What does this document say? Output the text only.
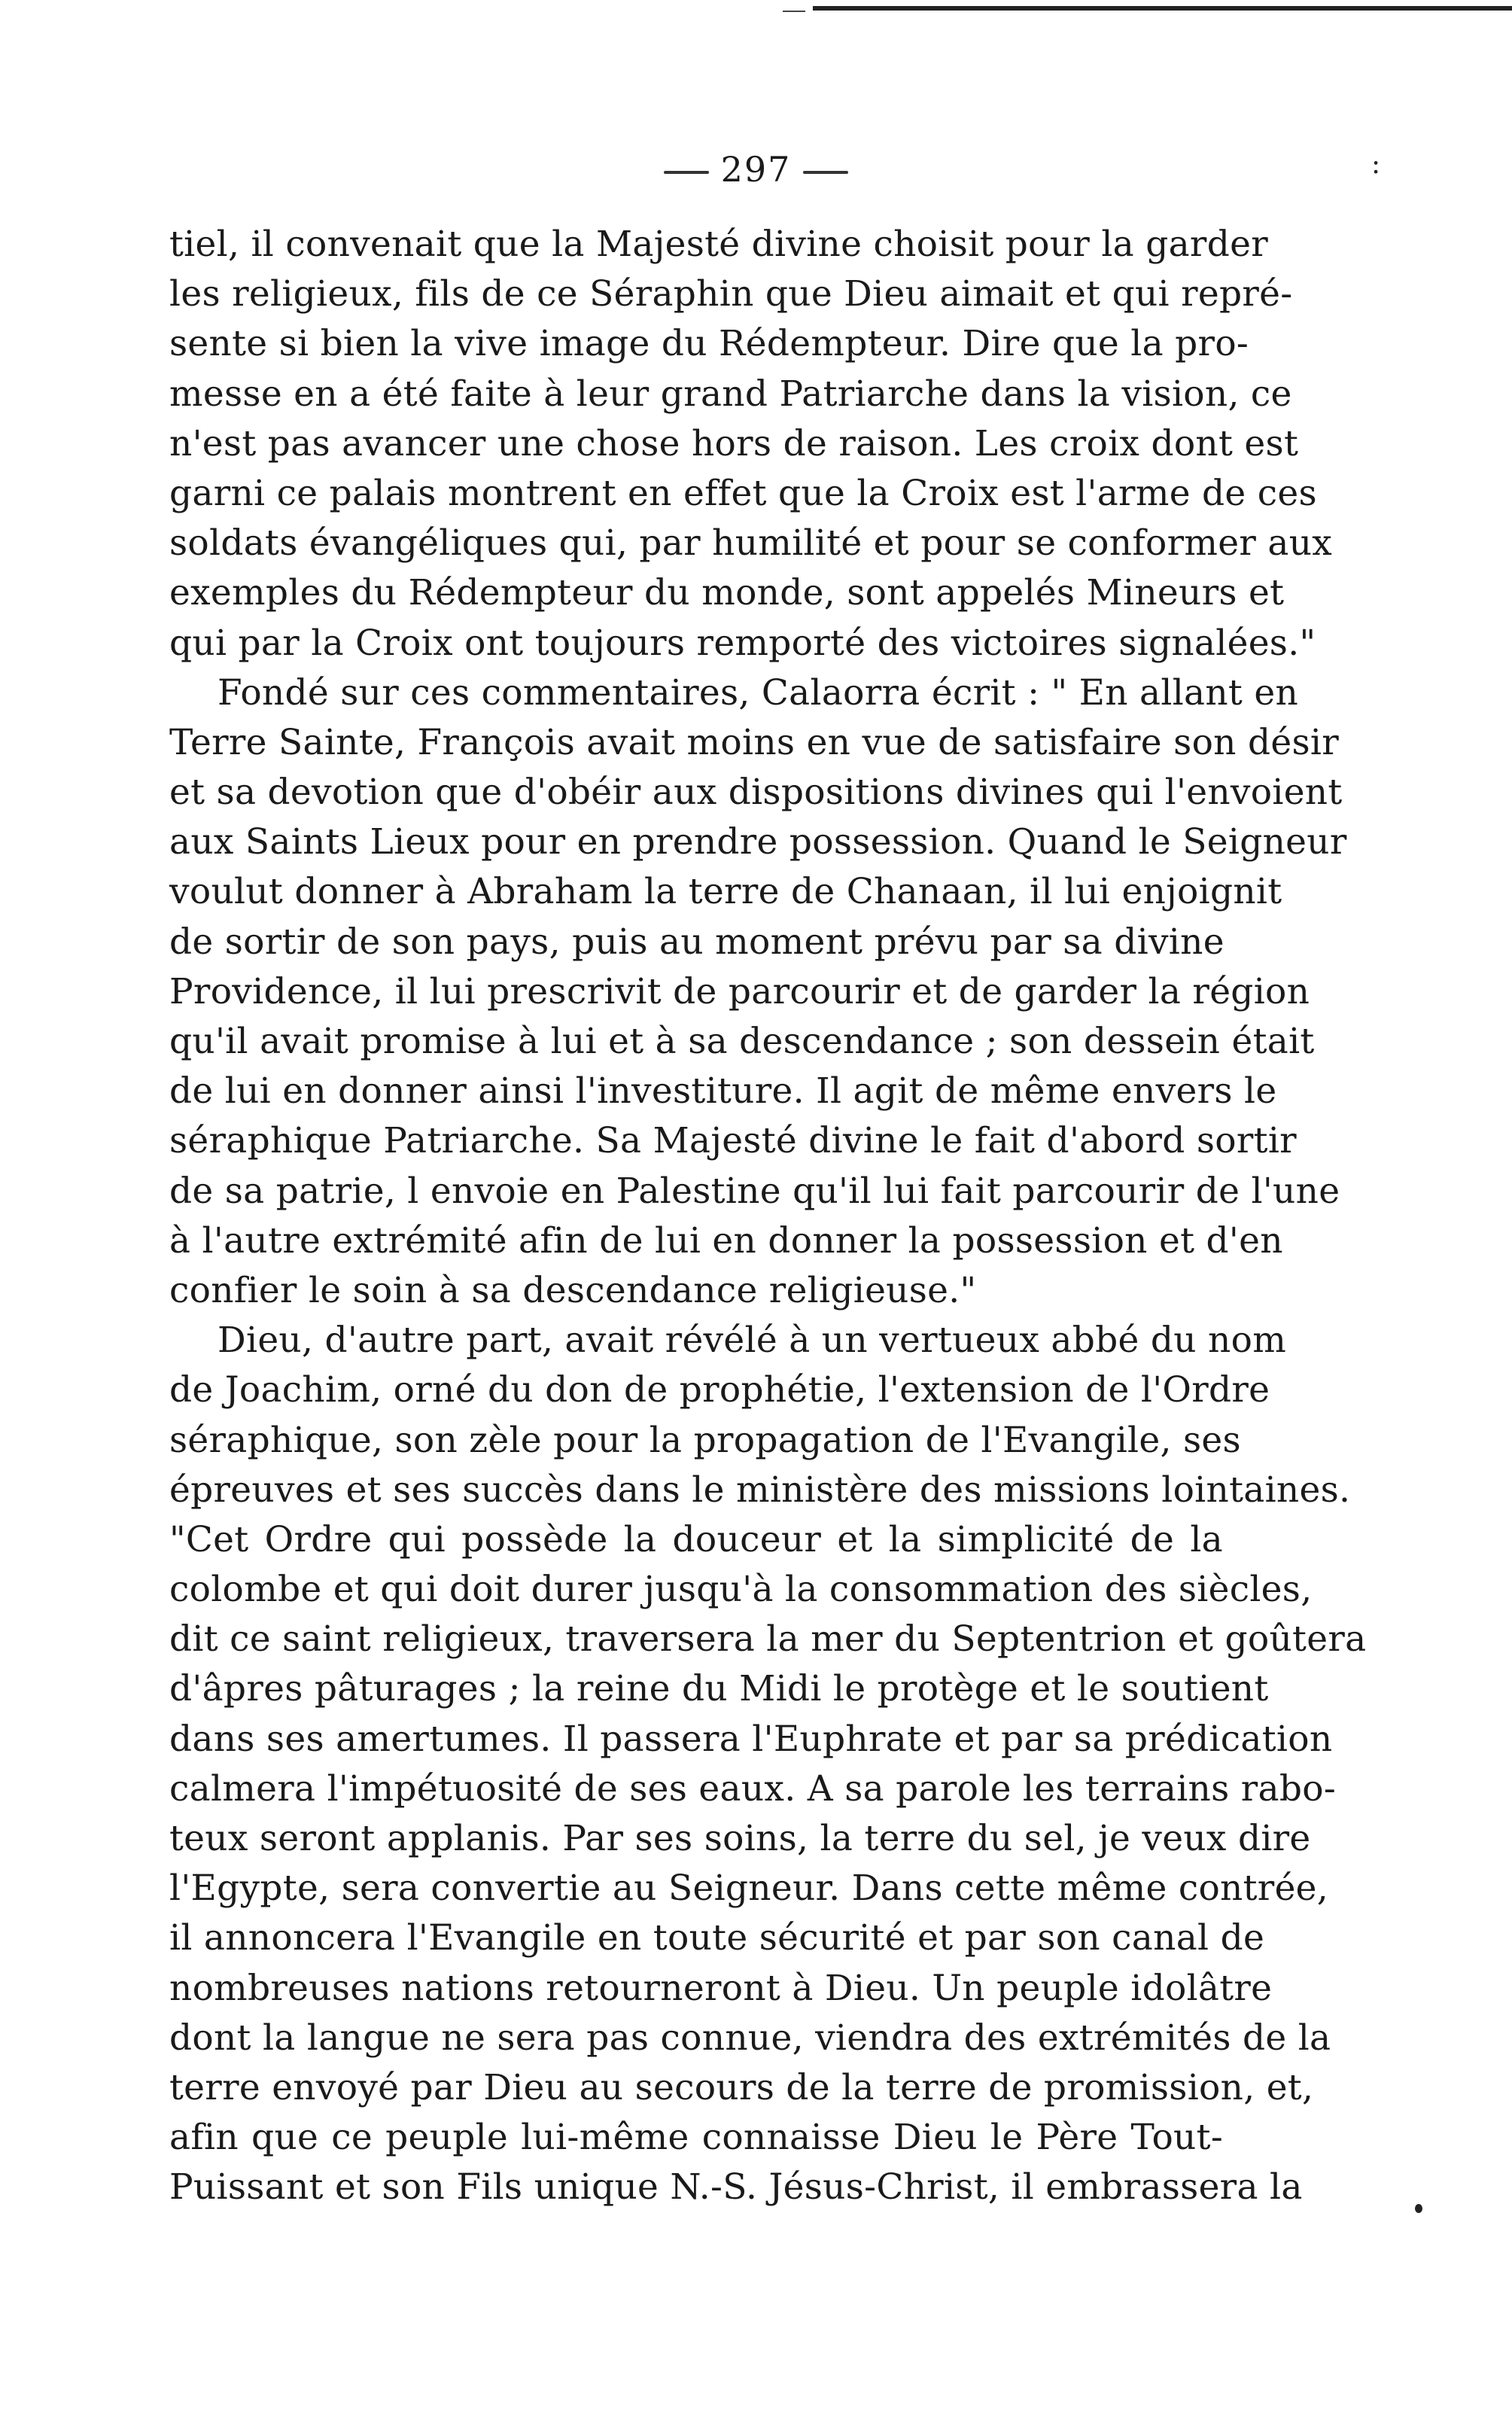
297	:
tiel, il convenait que la Majesté divine choisit pour la garder
les religieux, fils de ce Séraphin que Dieu aimait et qui repré-
sente si bien la vive image du Rédempteur. Dire que la pro-
messe en a été faite à leur grand Patriarche dans la vision, ce
n'est pas avancer une chose hors de raison. Les croix dont est
garni ce palais montrent en effet que la Croix est l'arme de ces
soldats évangéliques qui, par humilité et pour se conformer aux
exemples du Rédempteur du monde, sont appelés Mineurs et
qui par la Croix ont toujours remporté des victoires signalées."
Fondé sur ces commentaires, Calaorra écrit : " En allant en
Terre Sainte, François avait moins en vue de satisfaire son désir
et sa devotion que d'obéir aux dispositions divines qui l'envoient
aux Saints Lieux pour en prendre possession. Quand le Seigneur
voulut donner à Abraham la terre de Chanaan, il lui enjoignit
de sortir de son pays, puis au moment prévu par sa divine
Providence, il lui prescrivit de parcourir et de garder la région
qu'il avait promise à lui et à sa descendance ; son dessein était
de lui en donner ainsi l'investiture. Il agit de même envers le
séraphique Patriarche. Sa Majesté divine le fait d'abord sortir
de sa patrie, l envoie en Palestine qu'il lui fait parcourir de l'une
à l'autre extrémité afin de lui en donner la possession et d'en
confier le soin à sa descendance religieuse."
Dieu, d'autre part, avait révélé à un vertueux abbé du nom
de Joachim, orné du don de prophétie, l'extension de l'Ordre
séraphique, son zèle pour la propagation de l'Evangile, ses
épreuves et ses succès dans le ministère des missions lointaines.
"Cet Ordre qui possède la douceur et la simplicité de la
colombe et qui doit durer jusqu'à la consommation des siècles,
dit ce saint religieux, traversera la mer du Septentrion et goûtera
d'âpres pâturages ; la reine du Midi le protège et le soutient
dans ses amertumes. Il passera l'Euphrate et par sa prédication
calmera l'impétuosité de ses eaux. A sa parole les terrains rabo-
teux seront applanis. Par ses soins, la terre du sel, je veux dire
l'Egypte, sera convertie au Seigneur. Dans cette même contrée,
il annoncera l'Evangile en toute sécurité et par son canal de
nombreuses nations retourneront à Dieu. Un peuple idolâtre
dont la langue ne sera pas connue, viendra des extrémités de la
terre envoyé par Dieu au secours de la terre de promission, et,
afin que ce peuple lui-même connaisse Dieu le Père Tout-
Puissant et son Fils unique N.-S. Jésus-Christ, il embrassera la
